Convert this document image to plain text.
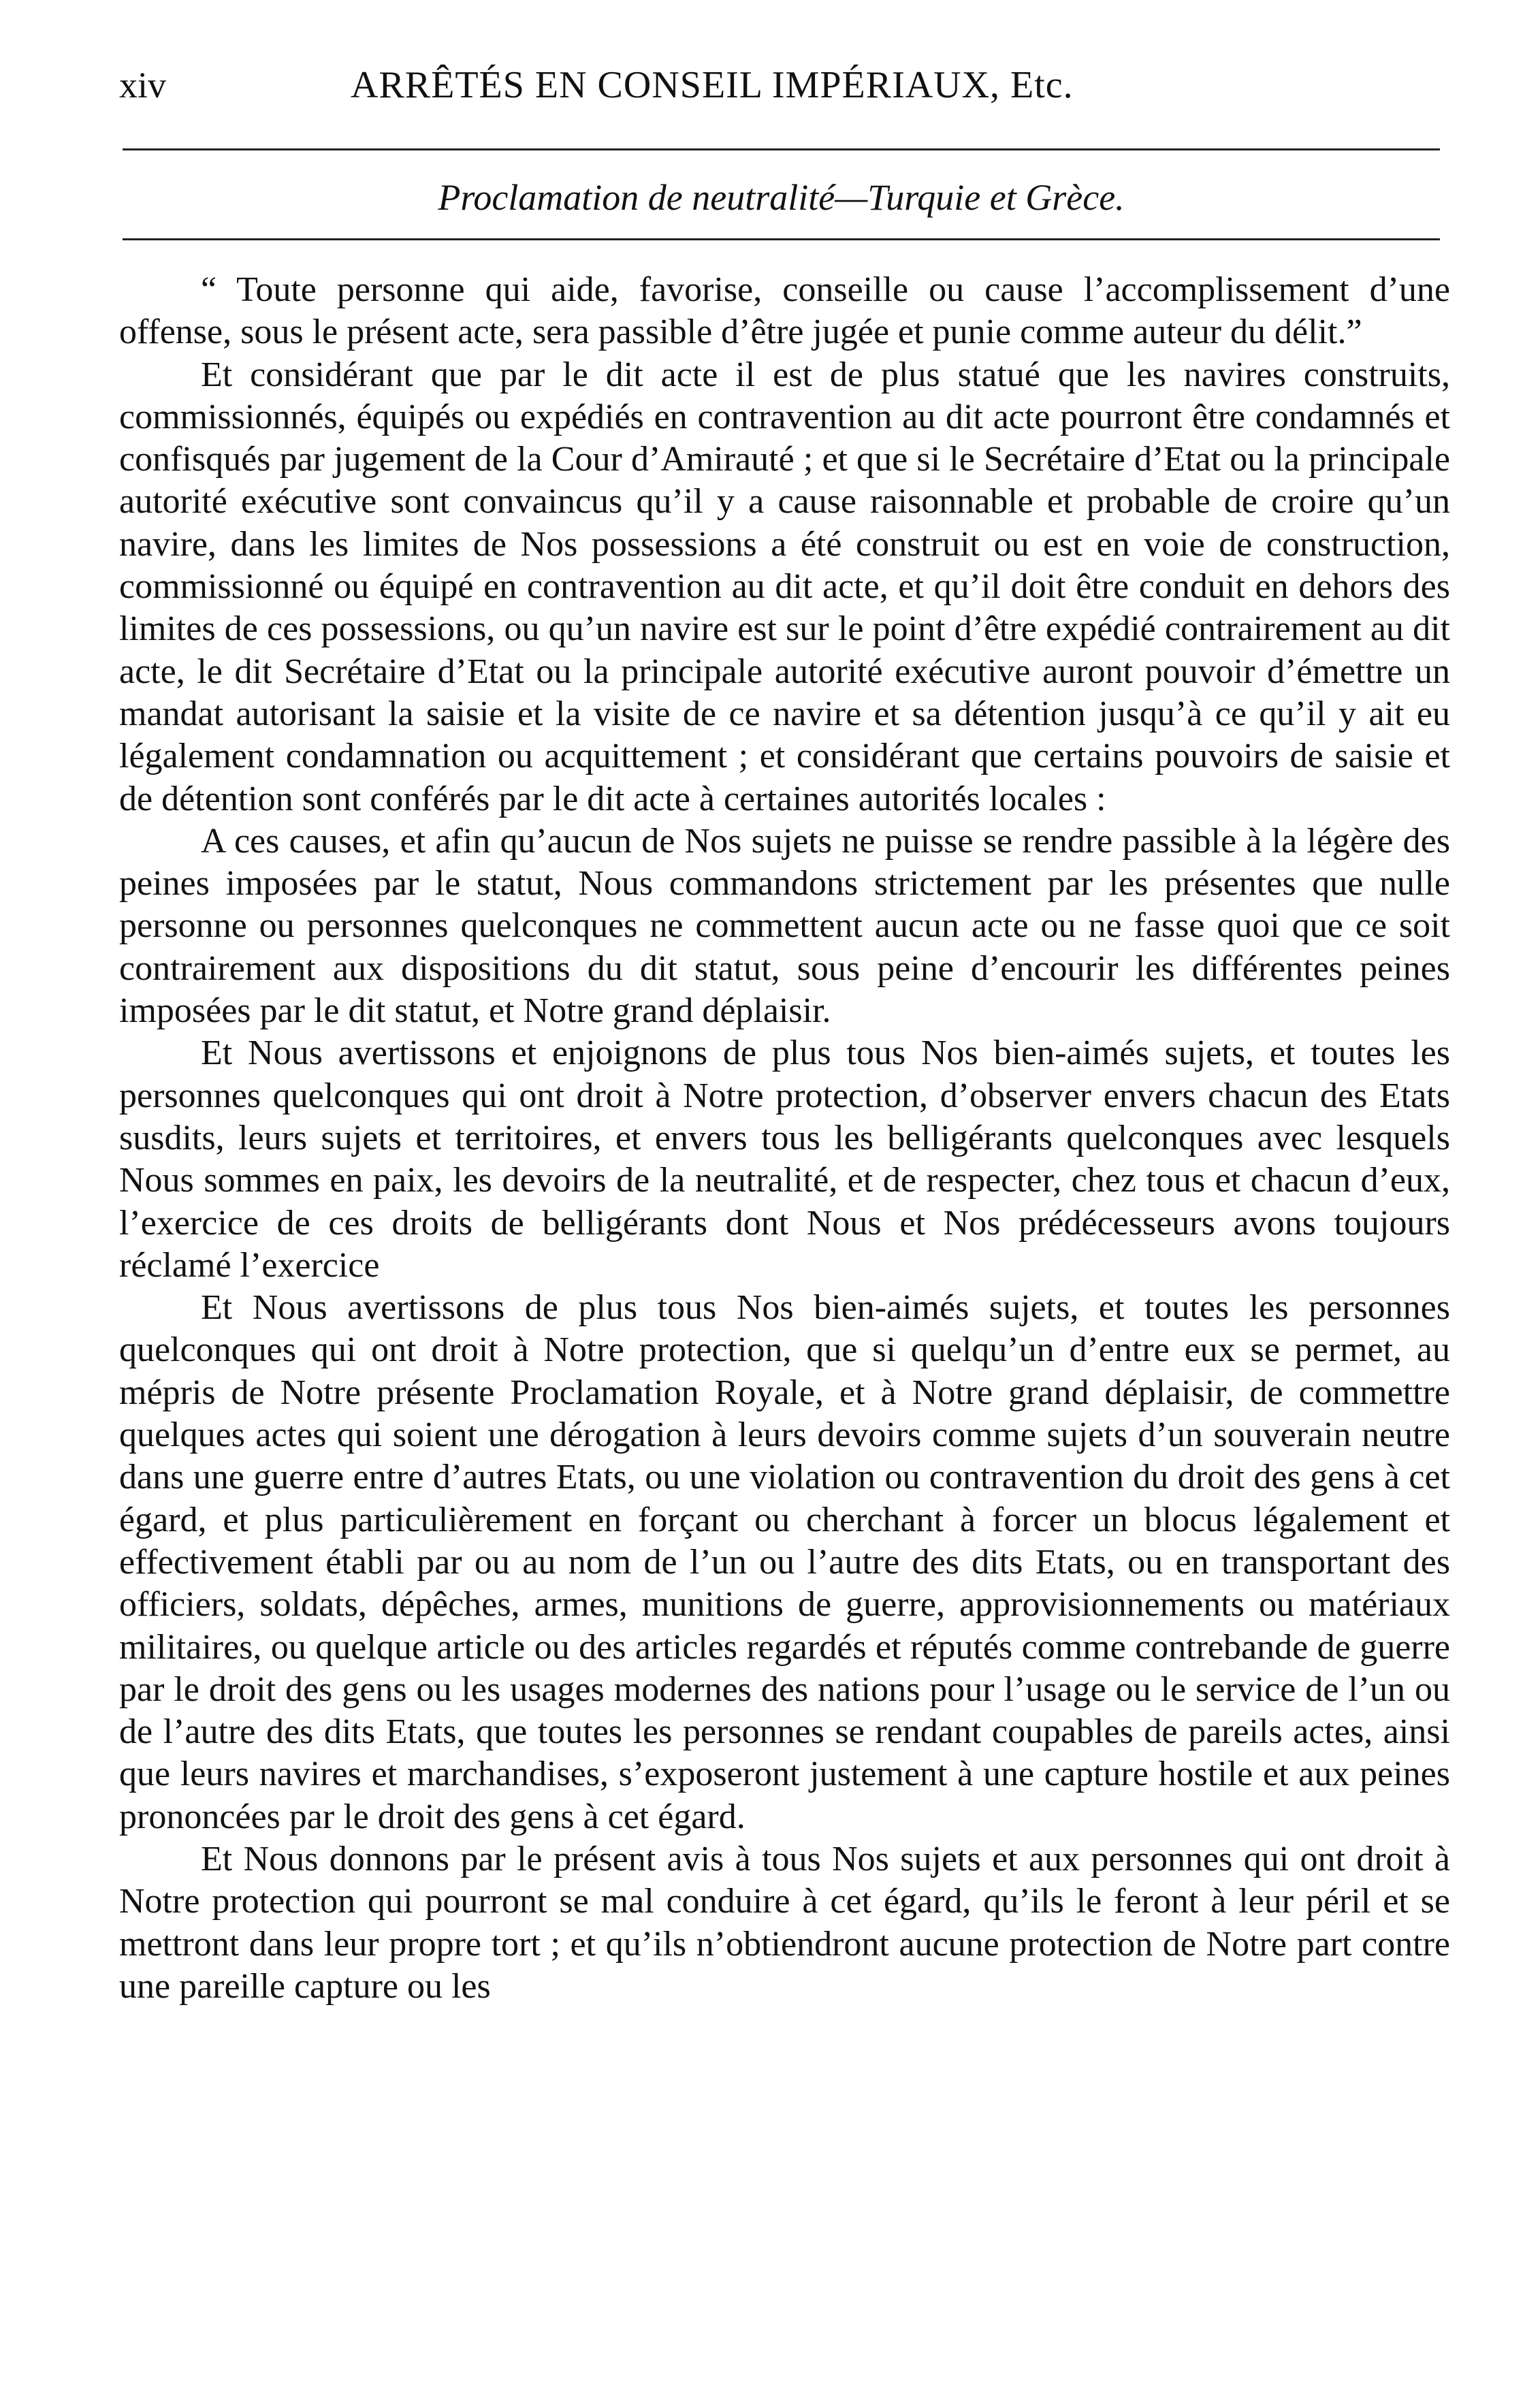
xiv	ARRÊTÉS EN CONSEIL IMPÉRIAUX, Etc.
Proclamation de neutralité—Turquie et Grèce.

“ Toute personne qui aide, favorise, conseille ou cause l’accomplissement d’une offense, sous le présent acte, sera passible d’être jugée et punie comme auteur du délit.”

Et considérant que par le dit acte il est de plus statué que les navires construits, commissionnés, équipés ou expédiés en contravention au dit acte pourront être condamnés et confisqués par jugement de la Cour d’Amirauté ; et que si le Secrétaire d’Etat ou la principale autorité exécutive sont convaincus qu’il y a cause raisonnable et probable de croire qu’un navire, dans les limites de Nos possessions a été construit ou est en voie de construction, commissionné ou équipé en contravention au dit acte, et qu’il doit être conduit en dehors des limites de ces possessions, ou qu’un navire est sur le point d’être expédié contrairement au dit acte, le dit Secrétaire d’Etat ou la principale autorité exécutive auront pouvoir d’émettre un mandat autorisant la saisie et la visite de ce navire et sa détention jusqu’à ce qu’il y ait eu légalement condamnation ou acquittement ; et considérant que certains pouvoirs de saisie et de détention sont conférés par le dit acte à certaines autorités locales :

A ces causes, et afin qu’aucun de Nos sujets ne puisse se rendre passible à la légère des peines imposées par le statut, Nous commandons strictement par les présentes que nulle personne ou personnes quelconques ne commettent aucun acte ou ne fasse quoi que ce soit contrairement aux dispositions du dit statut, sous peine d’encourir les différentes peines imposées par le dit statut, et Notre grand déplaisir.

Et Nous avertissons et enjoignons de plus tous Nos bien-aimés sujets, et toutes les personnes quelconques qui ont droit à Notre protection, d’observer envers chacun des Etats susdits, leurs sujets et territoires, et envers tous les belligérants quelconques avec lesquels Nous sommes en paix, les devoirs de la neutralité, et de respecter, chez tous et chacun d’eux, l’exercice de ces droits de belligérants dont Nous et Nos prédécesseurs avons toujours réclamé l’exercice

Et Nous avertissons de plus tous Nos bien-aimés sujets, et toutes les personnes quelconques qui ont droit à Notre protection, que si quelqu’un d’entre eux se permet, au mépris de Notre présente Proclamation Royale, et à Notre grand déplaisir, de commettre quelques actes qui soient une dérogation à leurs devoirs comme sujets d’un souverain neutre dans une guerre entre d’autres Etats, ou une violation ou contravention du droit des gens à cet égard, et plus particulièrement en forçant ou cherchant à forcer un blocus légalement et effectivement établi par ou au nom de l’un ou l’autre des dits Etats, ou en transportant des officiers, soldats, dépêches, armes, munitions de guerre, approvisionnements ou matériaux militaires, ou quelque article ou des articles regardés et réputés comme contrebande de guerre par le droit des gens ou les usages modernes des nations pour l’usage ou le service de l’un ou de l’autre des dits Etats, que toutes les personnes se rendant coupables de pareils actes, ainsi que leurs navires et marchandises, s’exposeront justement à une capture hostile et aux peines prononcées par le droit des gens à cet égard.

Et Nous donnons par le présent avis à tous Nos sujets et aux personnes qui ont droit à Notre protection qui pourront se mal conduire à cet égard, qu’ils le feront à leur péril et se mettront dans leur propre tort ; et qu’ils n’obtiendront aucune protection de Notre part contre une pareille capture ou les
